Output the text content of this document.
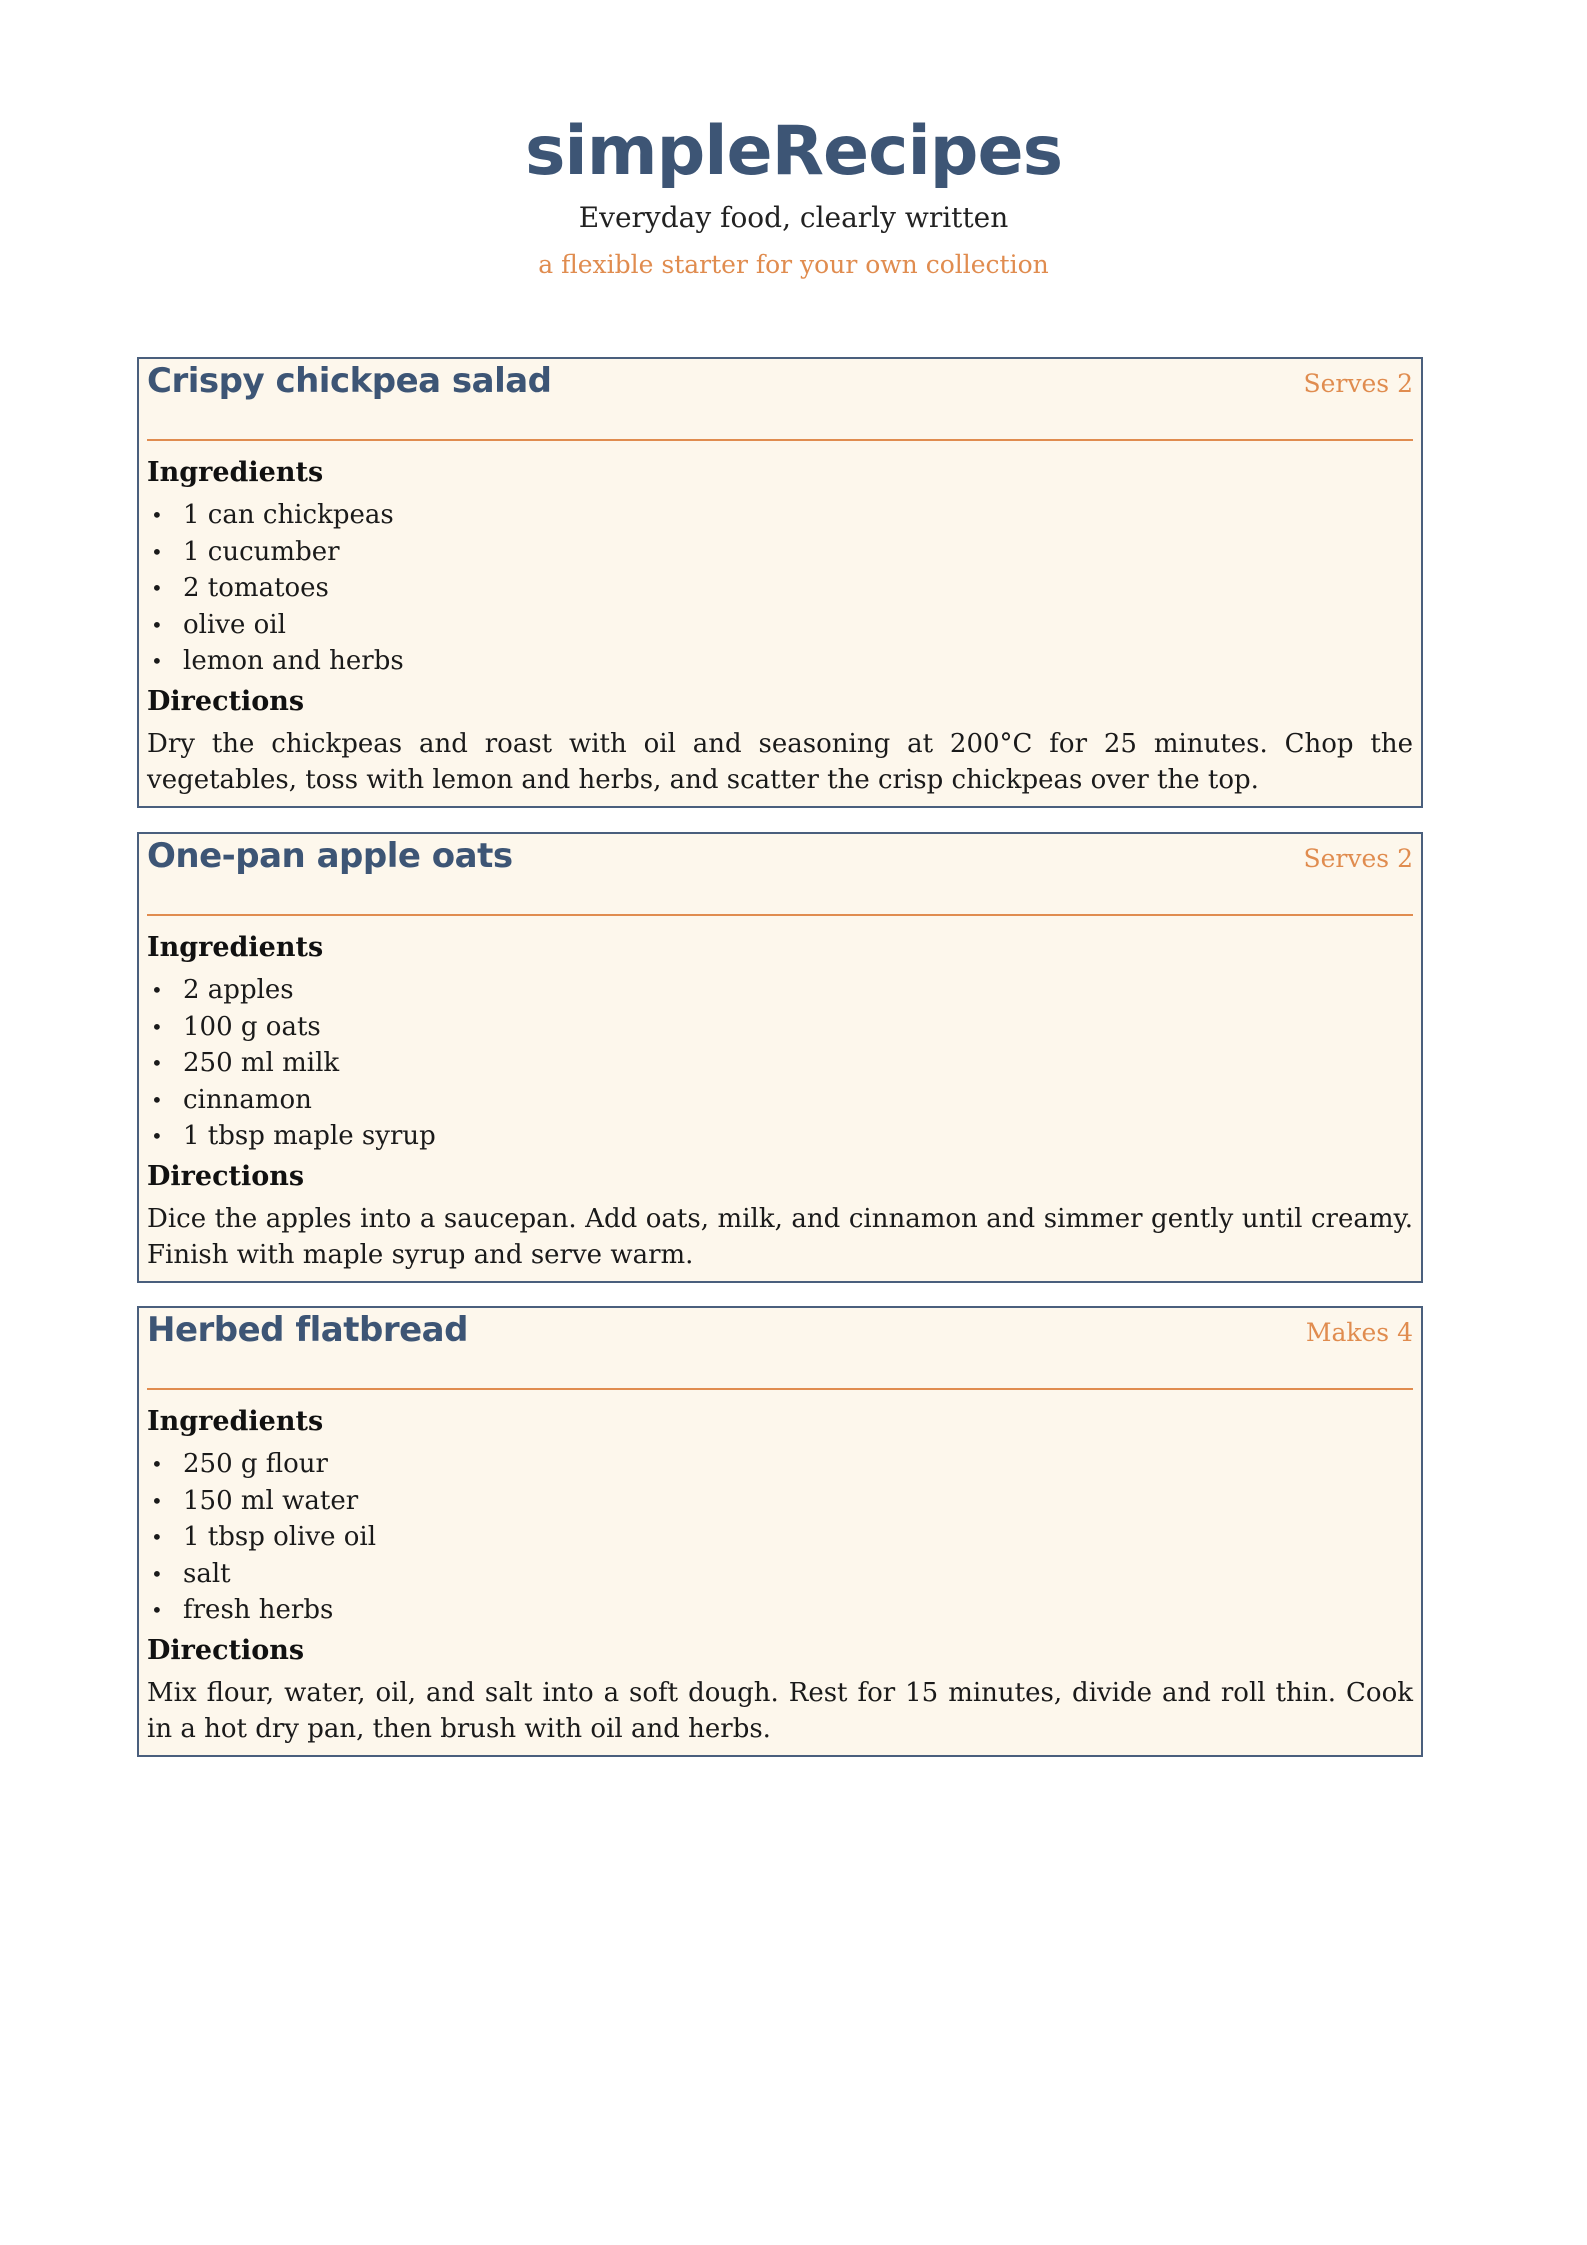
simpleRecipes
Everyday food, clearly written
a flexible starter for your own collection
Crispy chickpea salad	Serves 2
Ingredients
• 1 can chickpeas
• 1 cucumber
• 2 tomatoes
• olive oil
• lemon and herbs
Directions
Dry the chickpeas and roast with oil and seasoning at 200°C for 25 minutes. Chop the vegetables, toss with lemon and herbs, and scatter the crisp chickpeas over the top.
One-pan apple oats	Serves 2
Ingredients
• 2 apples
• 100 g oats
• 250 ml milk
• cinnamon
• 1 tbsp maple syrup
Directions
Dice the apples into a saucepan. Add oats, milk, and cinnamon and simmer gently until creamy. Finish with maple syrup and serve warm.
Herbed flatbread	Makes 4
Ingredients
• 250 g flour
• 150 ml water
• 1 tbsp olive oil
• salt
• fresh herbs
Directions
Mix flour, water, oil, and salt into a soft dough. Rest for 15 minutes, divide and roll thin. Cook in a hot dry pan, then brush with oil and herbs.
